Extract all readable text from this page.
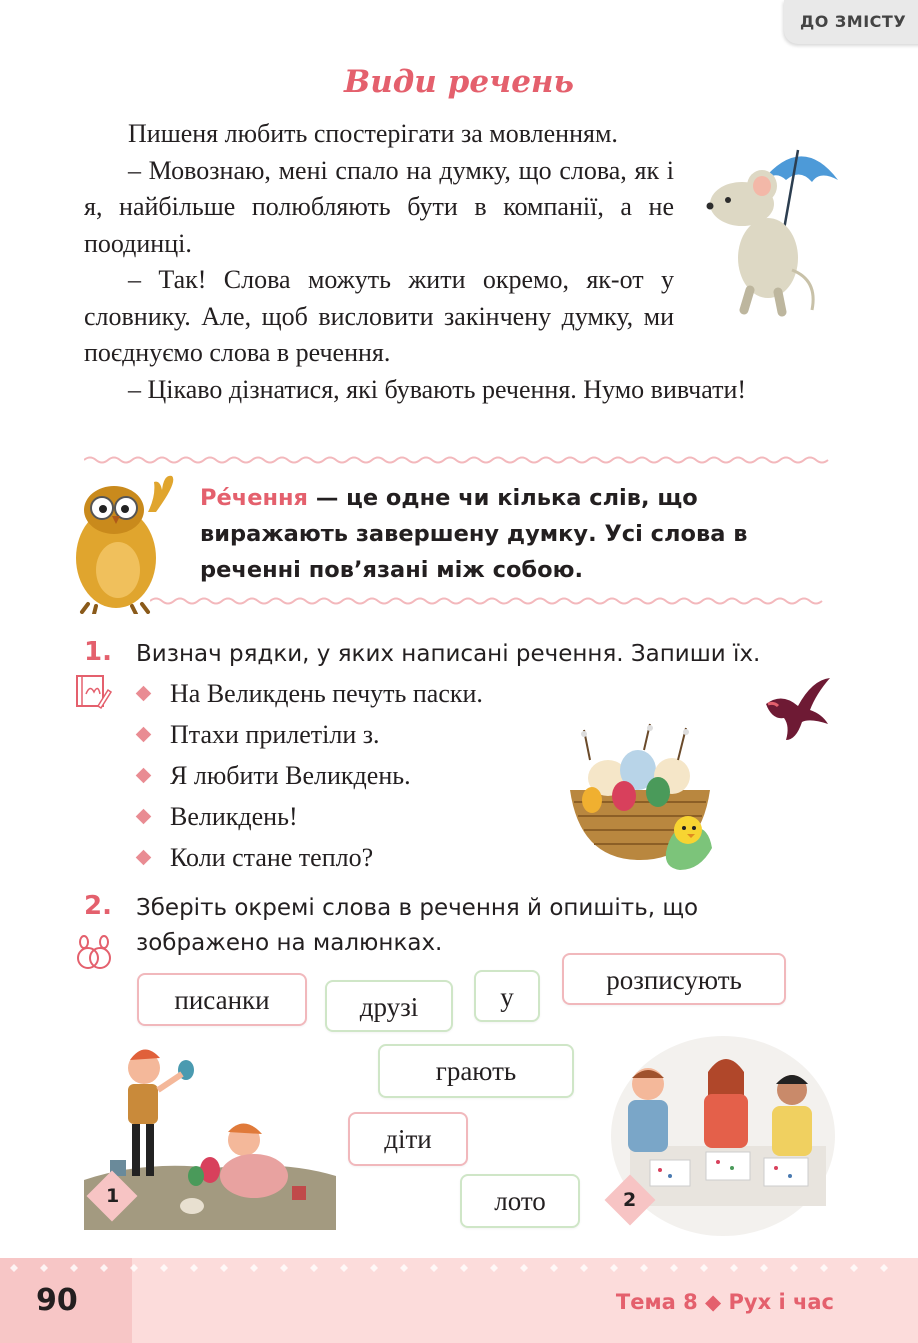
ДО ЗМІСТУ
Види речень
Пишеня любить спостерігати за мовленням.
– Мовознаю, мені спало на думку, що слова, як і я, найбільше полюбляють бути в компанії, а не поодинці.
– Так! Слова можуть жити окремо, як-от у словнику. Але, щоб висловити закінчену думку, ми поєднуємо слова в речення.
– Цікаво дізнатися, які бувають речення. Нумо вивчати!
Ре́чення — це одне чи кілька слів, що виражають завершену думку. Усі слова в реченні пов’язані між собою.
1. Визнач рядки, у яких написані речення. Запиши їх.
На Великдень печуть паски.
Птахи прилетіли з.
Я любити Великдень.
Великдень!
Коли стане тепло?
2. Зберіть окремі слова в речення й опишіть, що зображено на малюнках.
писанки	друзі	у
розписують
грають
діти
лото
1	2
90	Тема 8 ◆ Рух і час
